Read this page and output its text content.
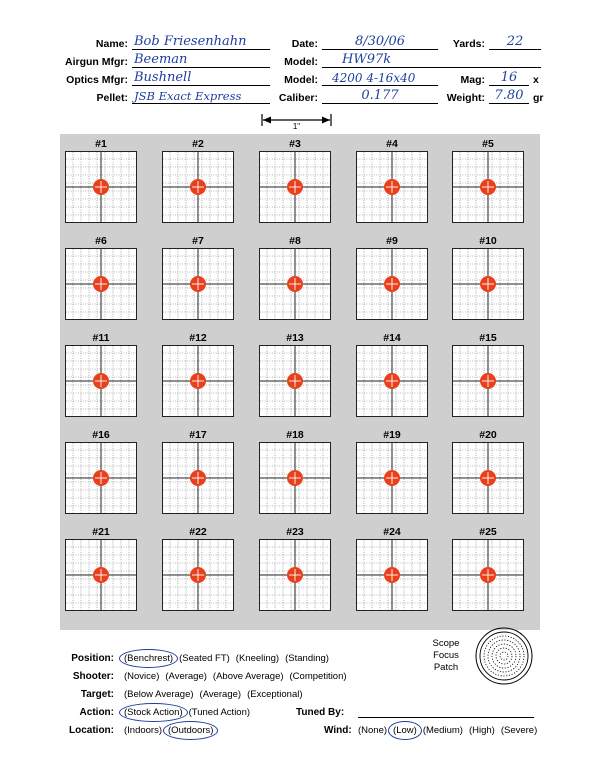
Name: Bob Friesenhahn	Date:	8/30/06	Yards:	22
Airgun Mfgr: Beeman	Model: HW97k
Optics Mfgr: Bushnell	Model: 4200 4-16x40	Mag:	16	x
Pellet: JSB Exact Express	Caliber:	0.177	Weight: 7.80 gr
1"
#1	#2	#3	#4	#5
#6	#7	#8	#9	#10
#11	#12	#13	#14	#15
#16	#17	#18	#19	#20
#21	#22	#23	#24	#25
Position: (Benchrest) (Seated FT) (Kneeling) (Standing)
Shooter: (Novice) (Average) (Above Average) (Competition)
Target: (Below Average) (Average) (Exceptional)
Action: (Stock Action) (Tuned Action)	Tuned By:
Location: (Indoors) (Outdoors)	Wind: (None) (Low) (Medium) (High) (Severe)
Scope
Focus
Patch
